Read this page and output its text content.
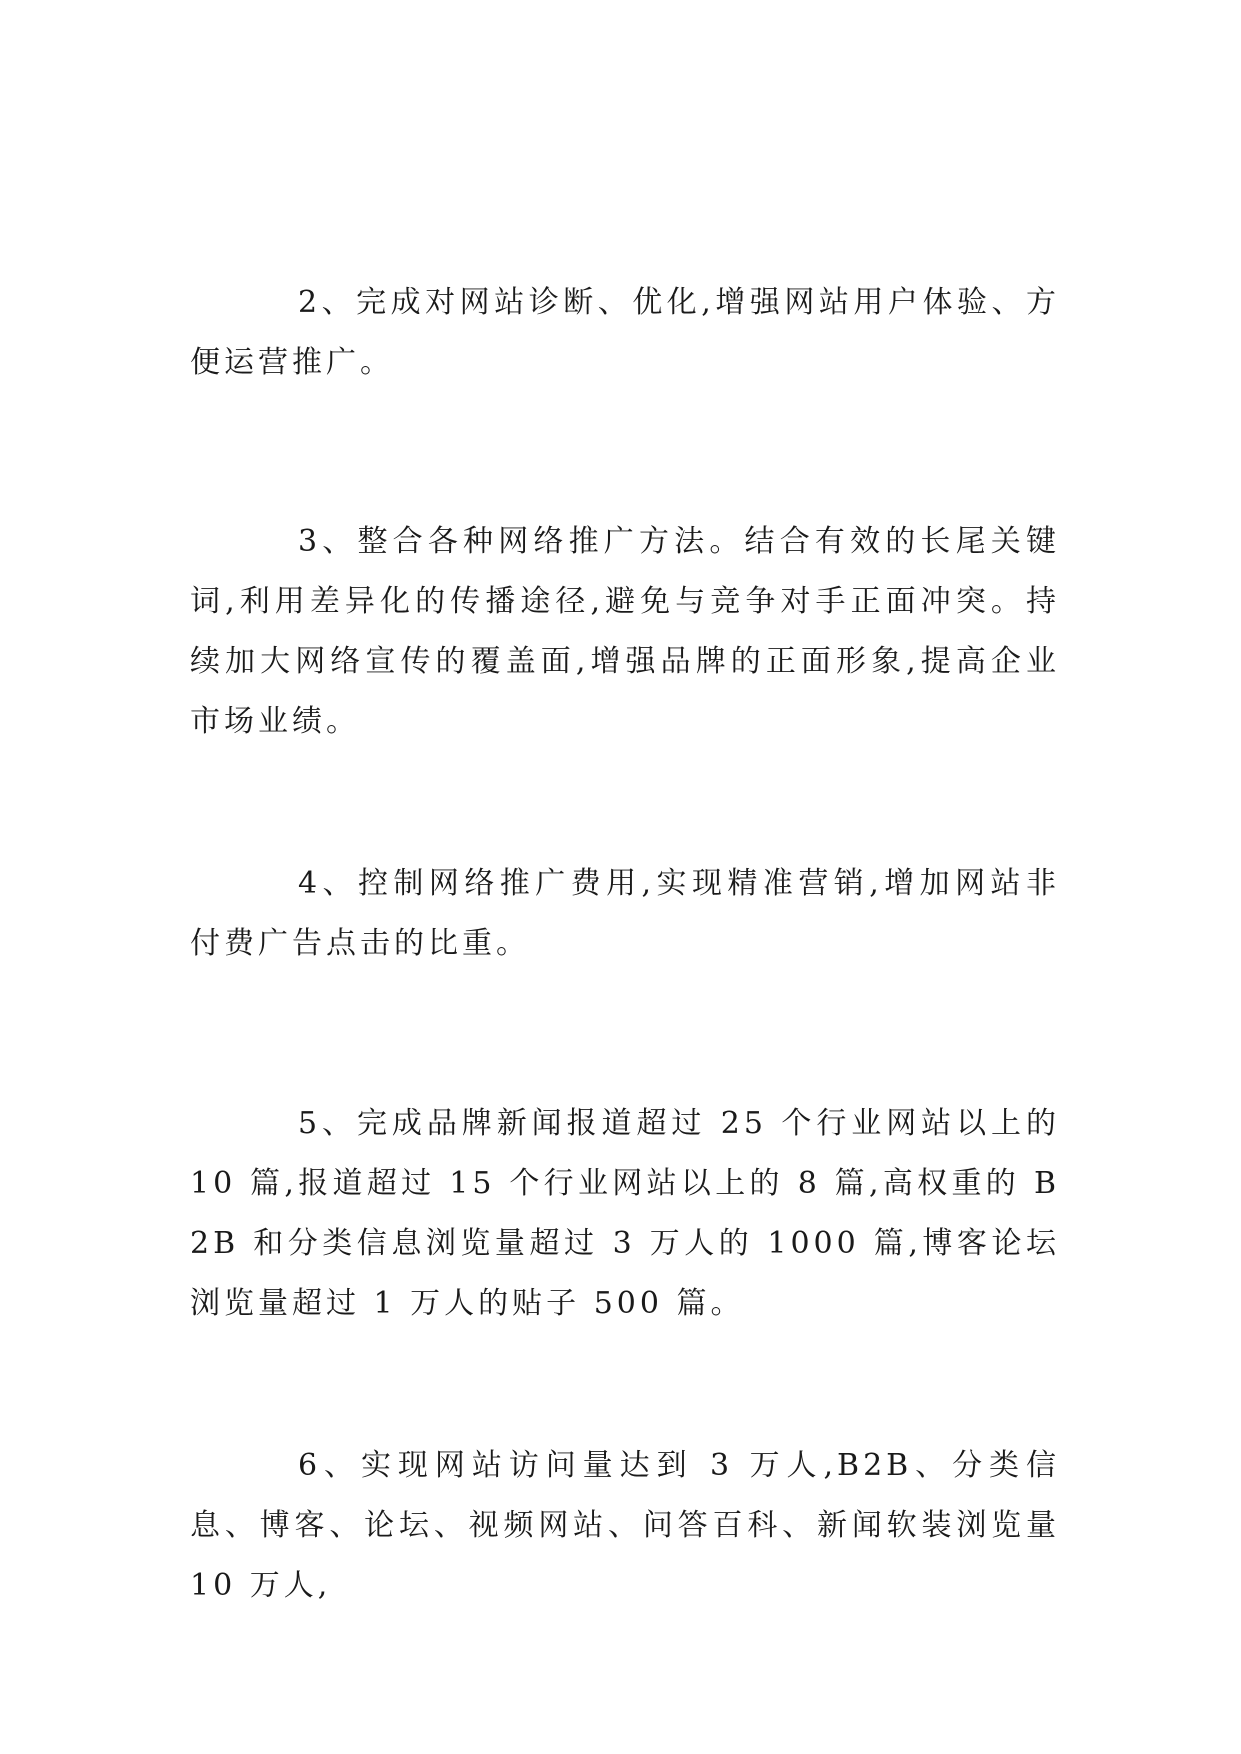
2、完成对网站诊断、优化,增强网站用户体验、方便运营推广。

3、整合各种网络推广方法。结合有效的长尾关键词,利用差异化的传播途径,避免与竞争对手正面冲突。持续加大网络宣传的覆盖面,增强品牌的正面形象,提高企业市场业绩。

4、控制网络推广费用,实现精准营销,增加网站非付费广告点击的比重。

5、完成品牌新闻报道超过 25 个行业网站以上的 10 篇,报道超过 15 个行业网站以上的 8 篇,高权重的 B2B 和分类信息浏览量超过 3 万人的 1000 篇,博客论坛浏览量超过 1 万人的贴子 500 篇。

6、实现网站访问量达到 3 万人,B2B、分类信息、博客、论坛、视频网站、问答百科、新闻软装浏览量 10 万人,
